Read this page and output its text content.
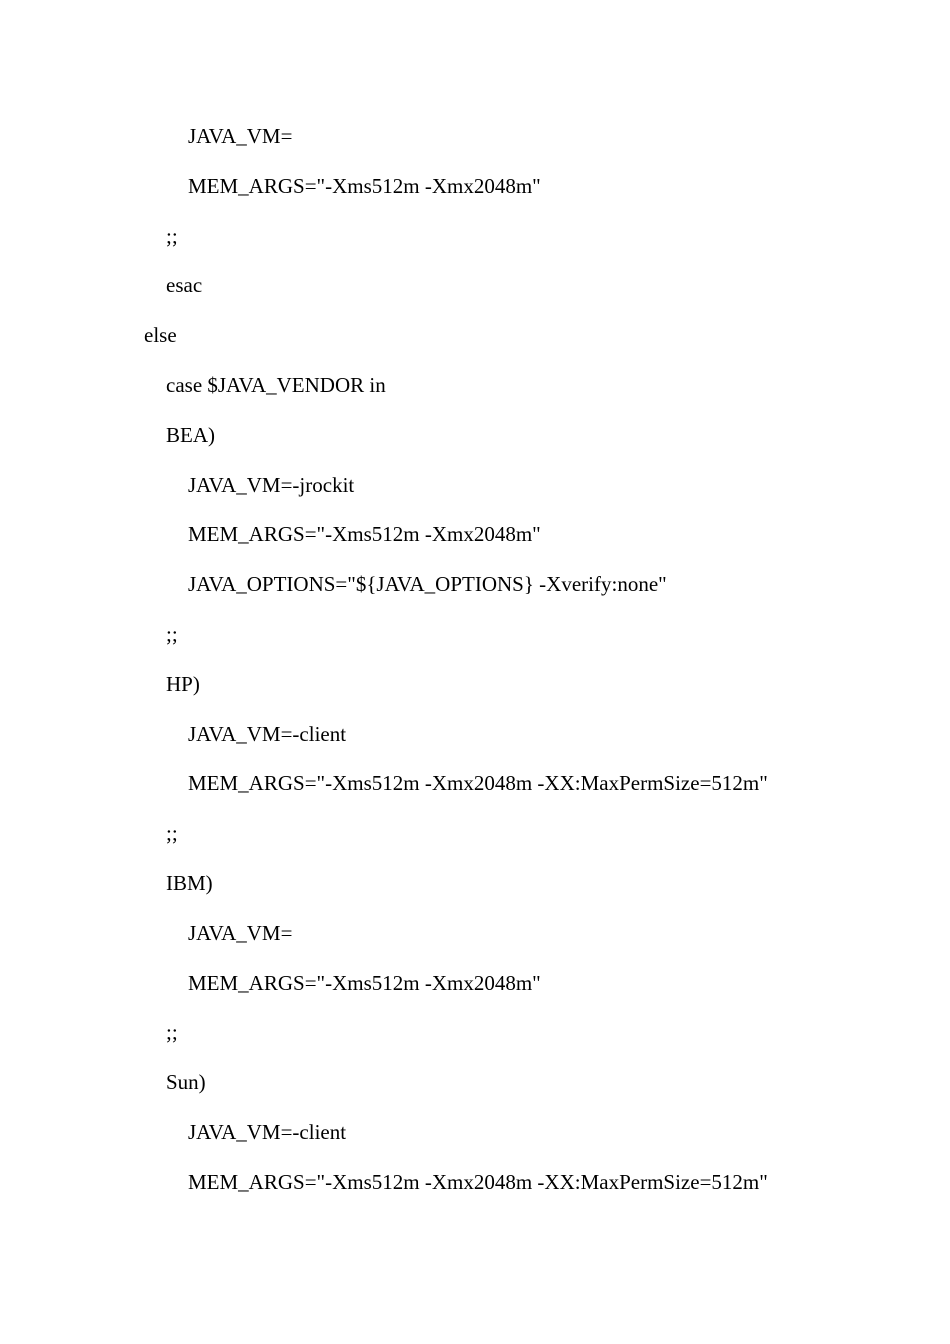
JAVA_VM=
MEM_ARGS="-Xms512m -Xmx2048m"
;;
esac
else
case $JAVA_VENDOR in
BEA)
JAVA_VM=-jrockit
MEM_ARGS="-Xms512m -Xmx2048m"
JAVA_OPTIONS="${JAVA_OPTIONS} -Xverify:none"
;;
HP)
JAVA_VM=-client
MEM_ARGS="-Xms512m -Xmx2048m -XX:MaxPermSize=512m"
;;
IBM)
JAVA_VM=
MEM_ARGS="-Xms512m -Xmx2048m"
;;
Sun)
JAVA_VM=-client
MEM_ARGS="-Xms512m -Xmx2048m -XX:MaxPermSize=512m"
